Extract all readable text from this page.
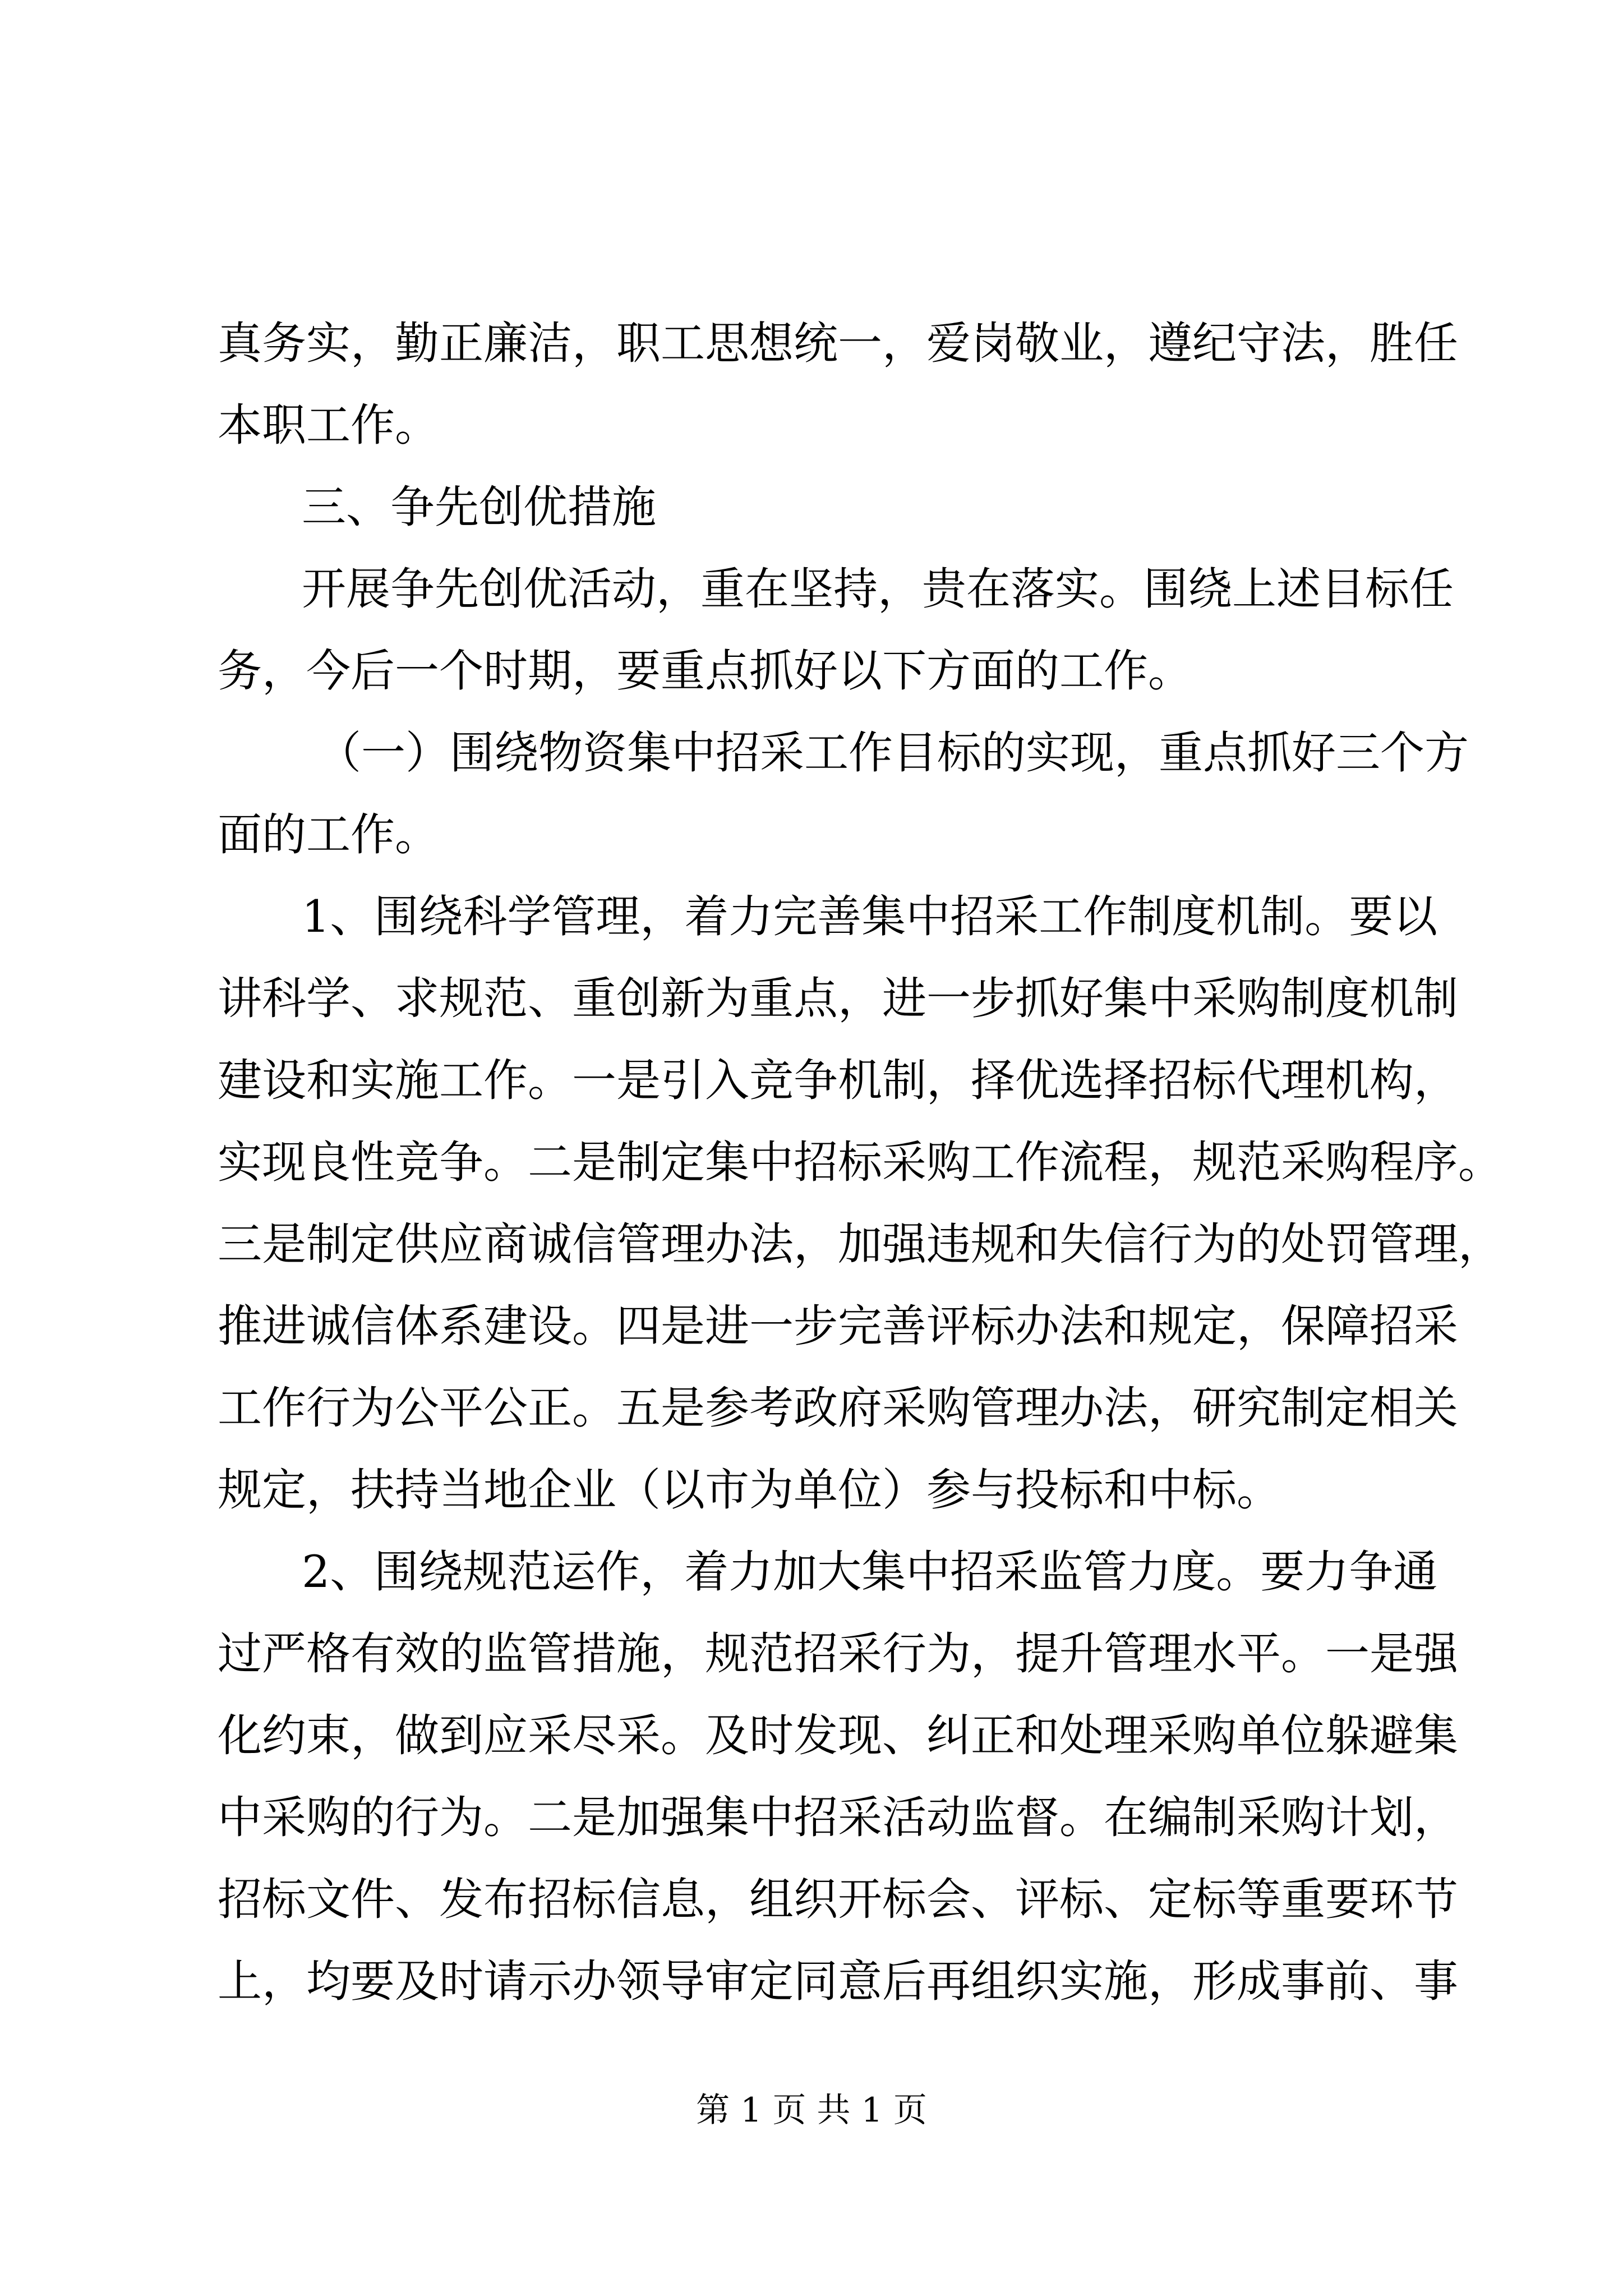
真务实，勤正廉洁，职工思想统一，爱岗敬业，遵纪守法，胜任
本职工作。
三、争先创优措施
开展争先创优活动，重在坚持，贵在落实。围绕上述目标任
务，今后一个时期，要重点抓好以下方面的工作。
（一）围绕物资集中招采工作目标的实现，重点抓好三个方
面的工作。
1、围绕科学管理，着力完善集中招采工作制度机制。要以
讲科学、求规范、重创新为重点，进一步抓好集中采购制度机制
建设和实施工作。一是引入竞争机制，择优选择招标代理机构，
实现良性竞争。二是制定集中招标采购工作流程，规范采购程序。
三是制定供应商诚信管理办法，加强违规和失信行为的处罚管理，
推进诚信体系建设。四是进一步完善评标办法和规定，保障招采
工作行为公平公正。五是参考政府采购管理办法，研究制定相关
规定，扶持当地企业（以市为单位）参与投标和中标。
2、围绕规范运作，着力加大集中招采监管力度。要力争通
过严格有效的监管措施，规范招采行为，提升管理水平。一是强
化约束，做到应采尽采。及时发现、纠正和处理采购单位躲避集
中采购的行为。二是加强集中招采活动监督。在编制采购计划，
招标文件、发布招标信息，组织开标会、评标、定标等重要环节
上，均要及时请示办领导审定同意后再组织实施，形成事前、事
第 1 页 共 1 页
